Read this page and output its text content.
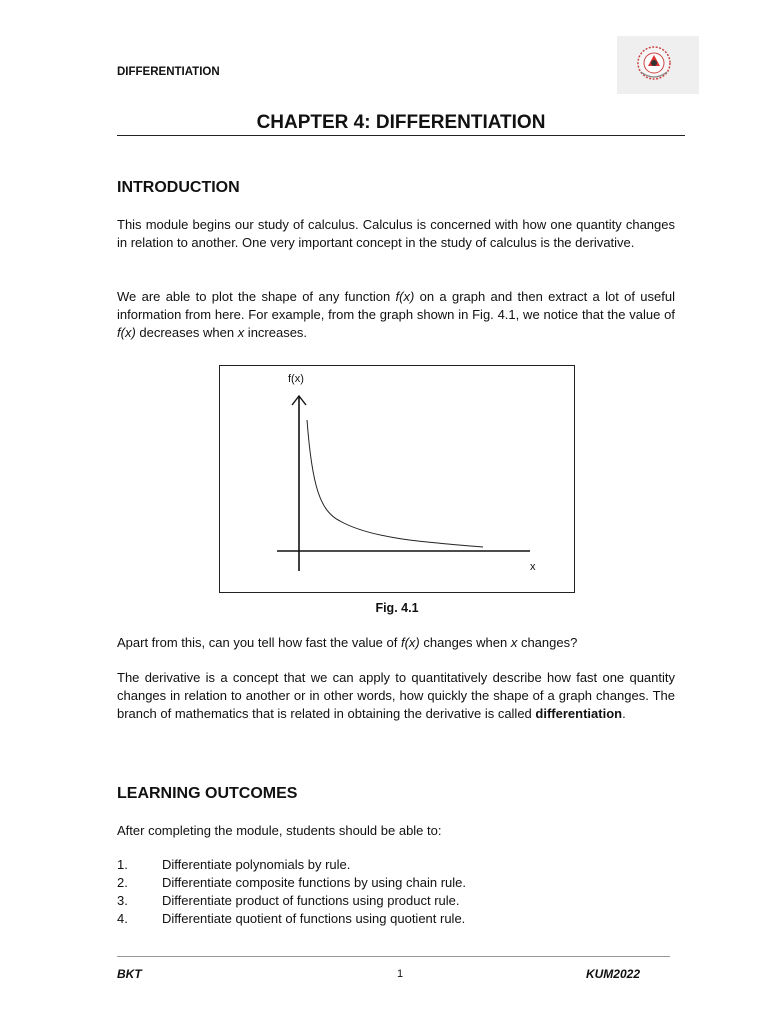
DIFFERENTIATION
CHAPTER 4: DIFFERENTIATION
INTRODUCTION

This module begins our study of calculus. Calculus is concerned with how one quantity changes in relation to another. One very important concept in the study of calculus is the derivative.

We are able to plot the shape of any function f(x) on a graph and then extract a lot of useful information from here. For example, from the graph shown in Fig. 4.1, we notice that the value of f(x) decreases when x increases.

f(x)
x
Fig. 4.1

Apart from this, can you tell how fast the value of f(x) changes when x changes?

The derivative is a concept that we can apply to quantitatively describe how fast one quantity changes in relation to another or in other words, how quickly the shape of a graph changes. The branch of mathematics that is related in obtaining the derivative is called differentiation.

LEARNING OUTCOMES

After completing the module, students should be able to:

1.	Differentiate polynomials by rule.
2.	Differentiate composite functions by using chain rule.
3.	Differentiate product of functions using product rule.
4.	Differentiate quotient of functions using quotient rule.
BKT	1	KUM2022
